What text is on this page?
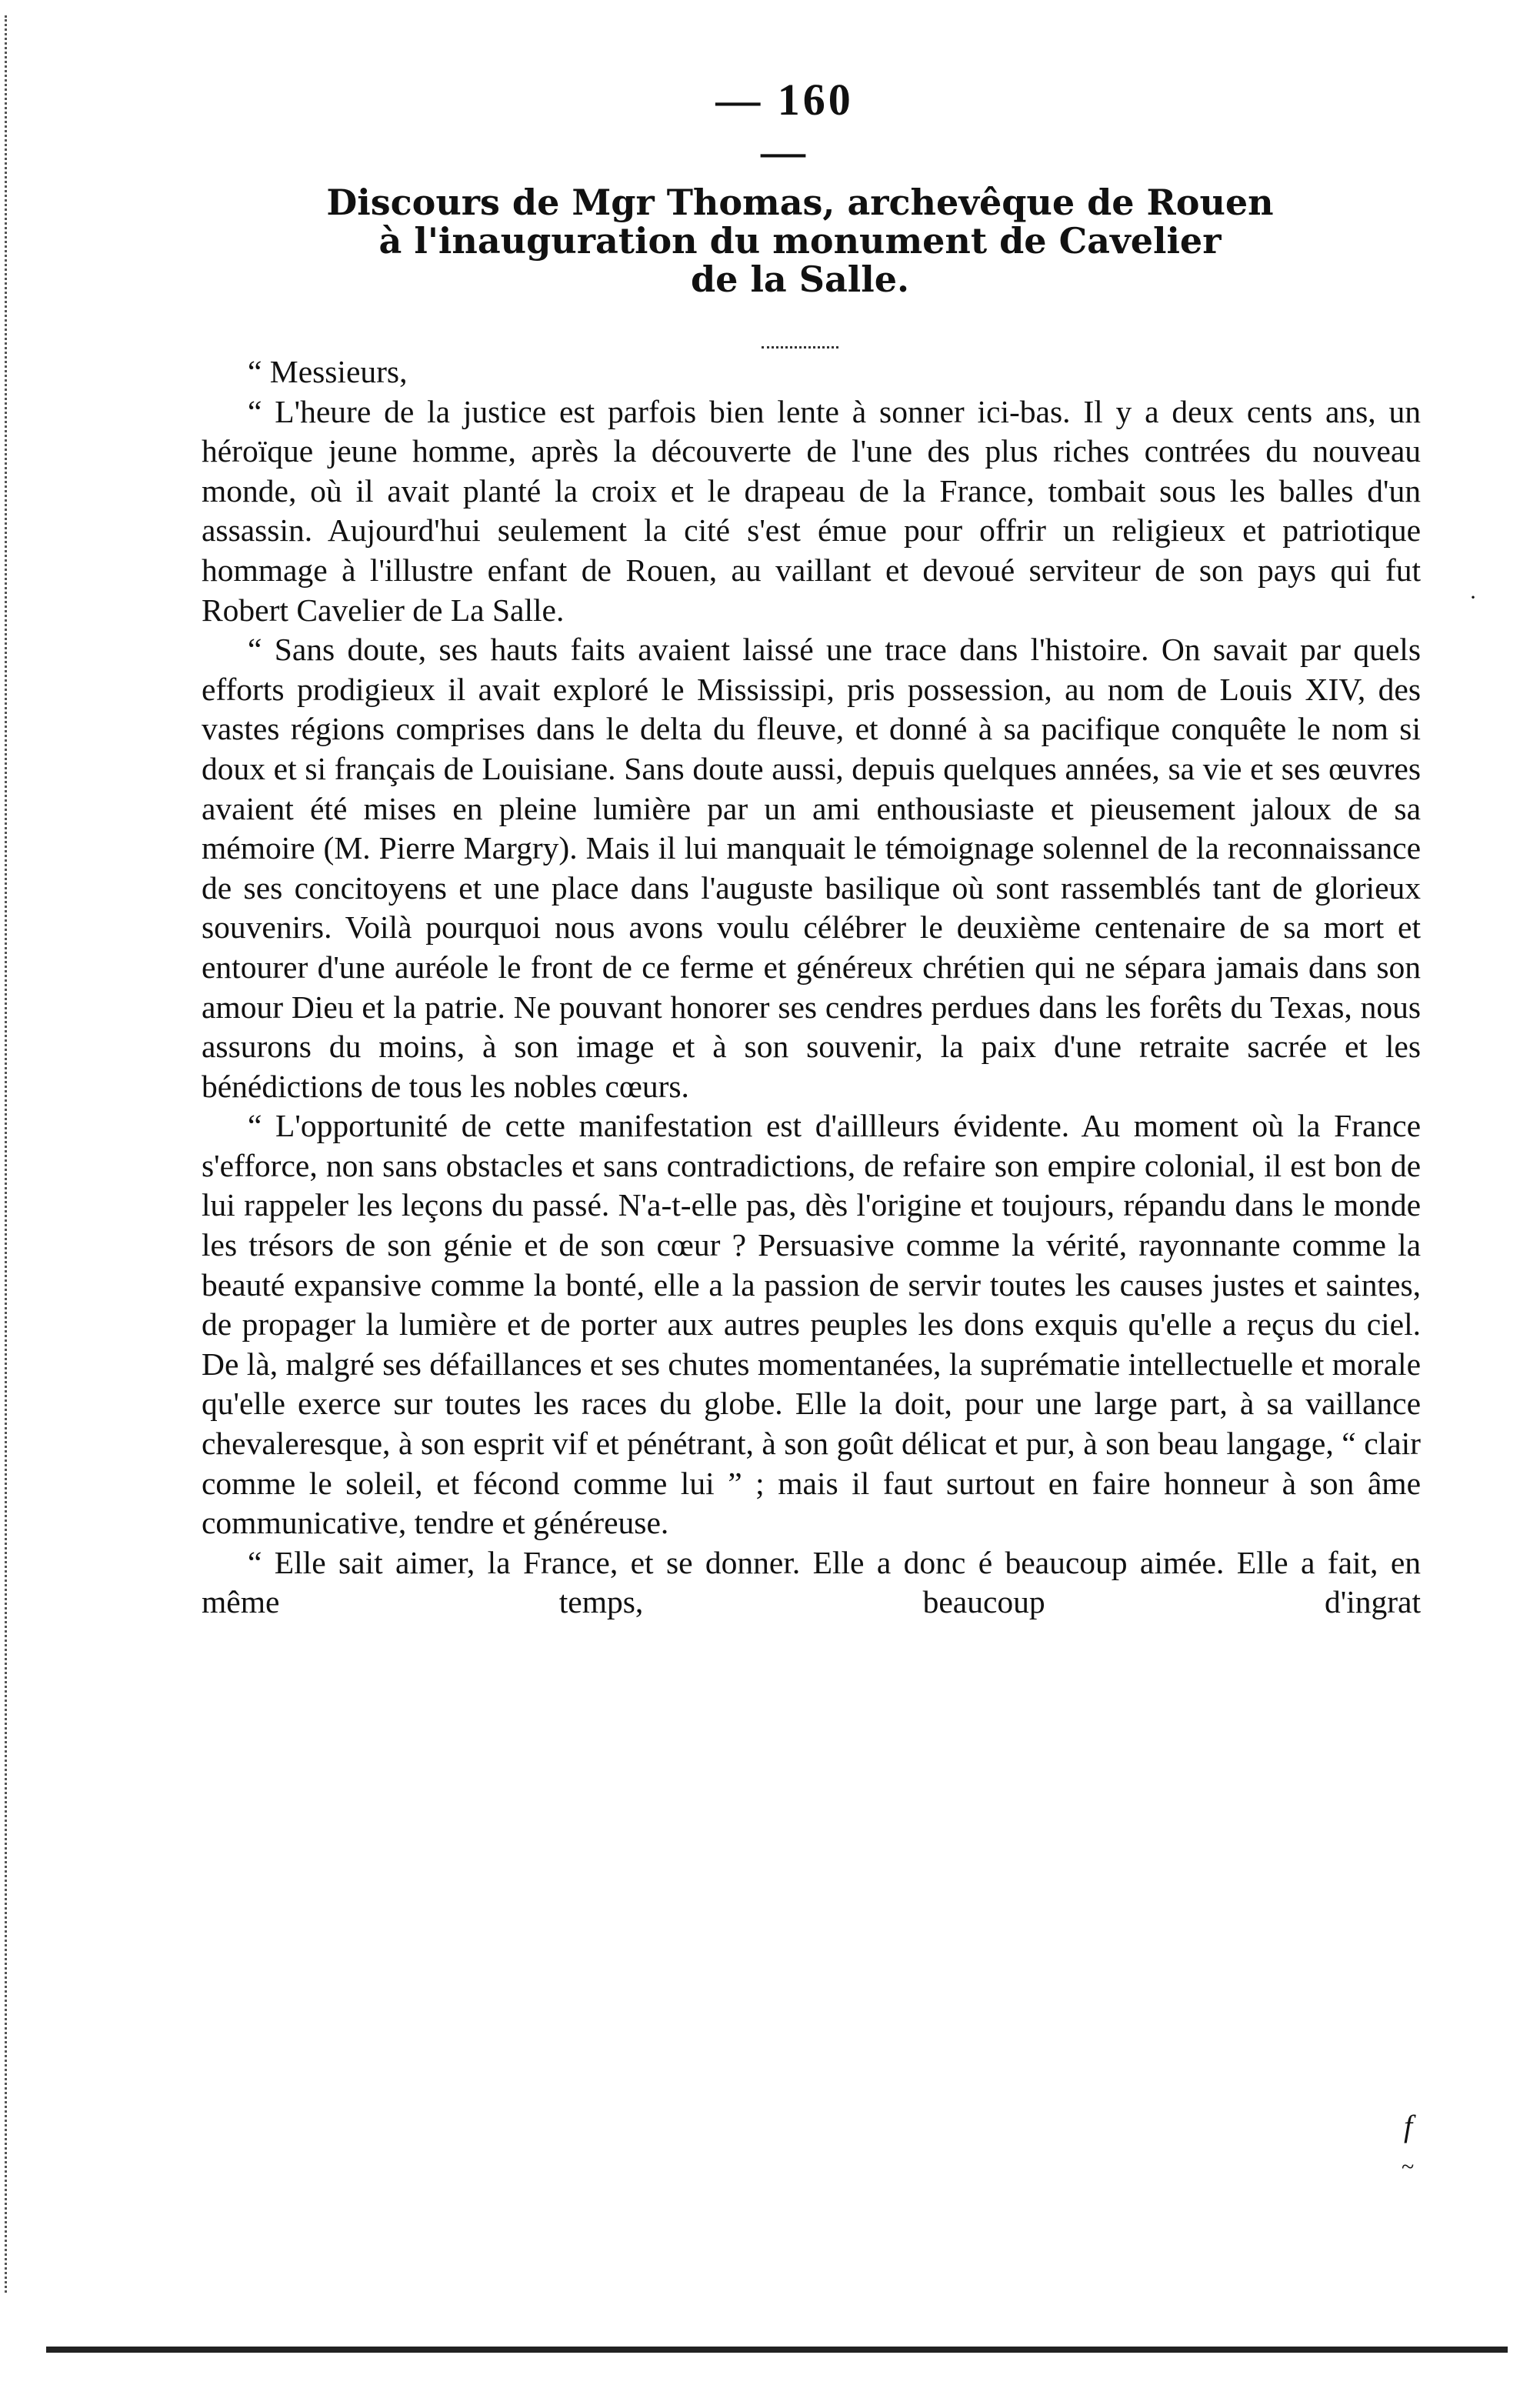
— 160 —
Discours de Mgr Thomas, archevêque de Rouen
à l'inauguration du monument de Cavelier
de la Salle.

“ Messieurs,

“ L'heure de la justice est parfois bien lente à sonner ici-bas. Il y a deux cents ans, un héroïque jeune homme, après la découverte de l'une des plus riches contrées du nouveau monde, où il avait planté la croix et le drapeau de la France, tombait sous les balles d'un assassin. Aujourd'hui seulement la cité s'est émue pour offrir un religieux et patriotique hommage à l'illustre enfant de Rouen, au vaillant et devoué serviteur de son pays qui fut Robert Cavelier de La Salle.

“ Sans doute, ses hauts faits avaient laissé une trace dans l'histoire. On savait par quels efforts prodigieux il avait exploré le Mississipi, pris possession, au nom de Louis XIV, des vastes régions comprises dans le delta du fleuve, et donné à sa pacifique conquête le nom si doux et si français de Louisiane. Sans doute aussi, depuis quelques années, sa vie et ses œuvres avaient été mises en pleine lumière par un ami enthousiaste et pieusement jaloux de sa mémoire (M. Pierre Margry). Mais il lui manquait le témoignage solennel de la reconnaissance de ses concitoyens et une place dans l'auguste basilique où sont rassemblés tant de glorieux souvenirs. Voilà pourquoi nous avons voulu célébrer le deuxième centenaire de sa mort et entourer d'une auréole le front de ce ferme et généreux chrétien qui ne sépara jamais dans son amour Dieu et la patrie. Ne pouvant honorer ses cendres perdues dans les forêts du Texas, nous assurons du moins, à son image et à son souvenir, la paix d'une retraite sacrée et les bénédictions de tous les nobles cœurs.

“ L'opportunité de cette manifestation est d'aillleurs évidente. Au moment où la France s'efforce, non sans obstacles et sans contradictions, de refaire son empire colonial, il est bon de lui rappeler les leçons du passé. N'a-t-elle pas, dès l'origine et toujours, répandu dans le monde les trésors de son génie et de son cœur ? Persuasive comme la vérité, rayonnante comme la beauté expansive comme la bonté, elle a la passion de servir toutes les causes justes et saintes, de propager la lumière et de porter aux autres peuples les dons exquis qu'elle a reçus du ciel. De là, malgré ses défaillances et ses chutes momentanées, la suprématie intellectuelle et morale qu'elle exerce sur toutes les races du globe. Elle la doit, pour une large part, à sa vaillance chevaleresque, à son esprit vif et pénétrant, à son goût délicat et pur, à son beau langage, “ clair comme le soleil, et fécond comme lui ” ; mais il faut surtout en faire honneur à son âme communicative, tendre et généreuse.

“ Elle sait aimer, la France, et se donner. Elle a donc é beaucoup aimée. Elle a fait, en même temps, beaucoup d'ingrat

·
f
~
